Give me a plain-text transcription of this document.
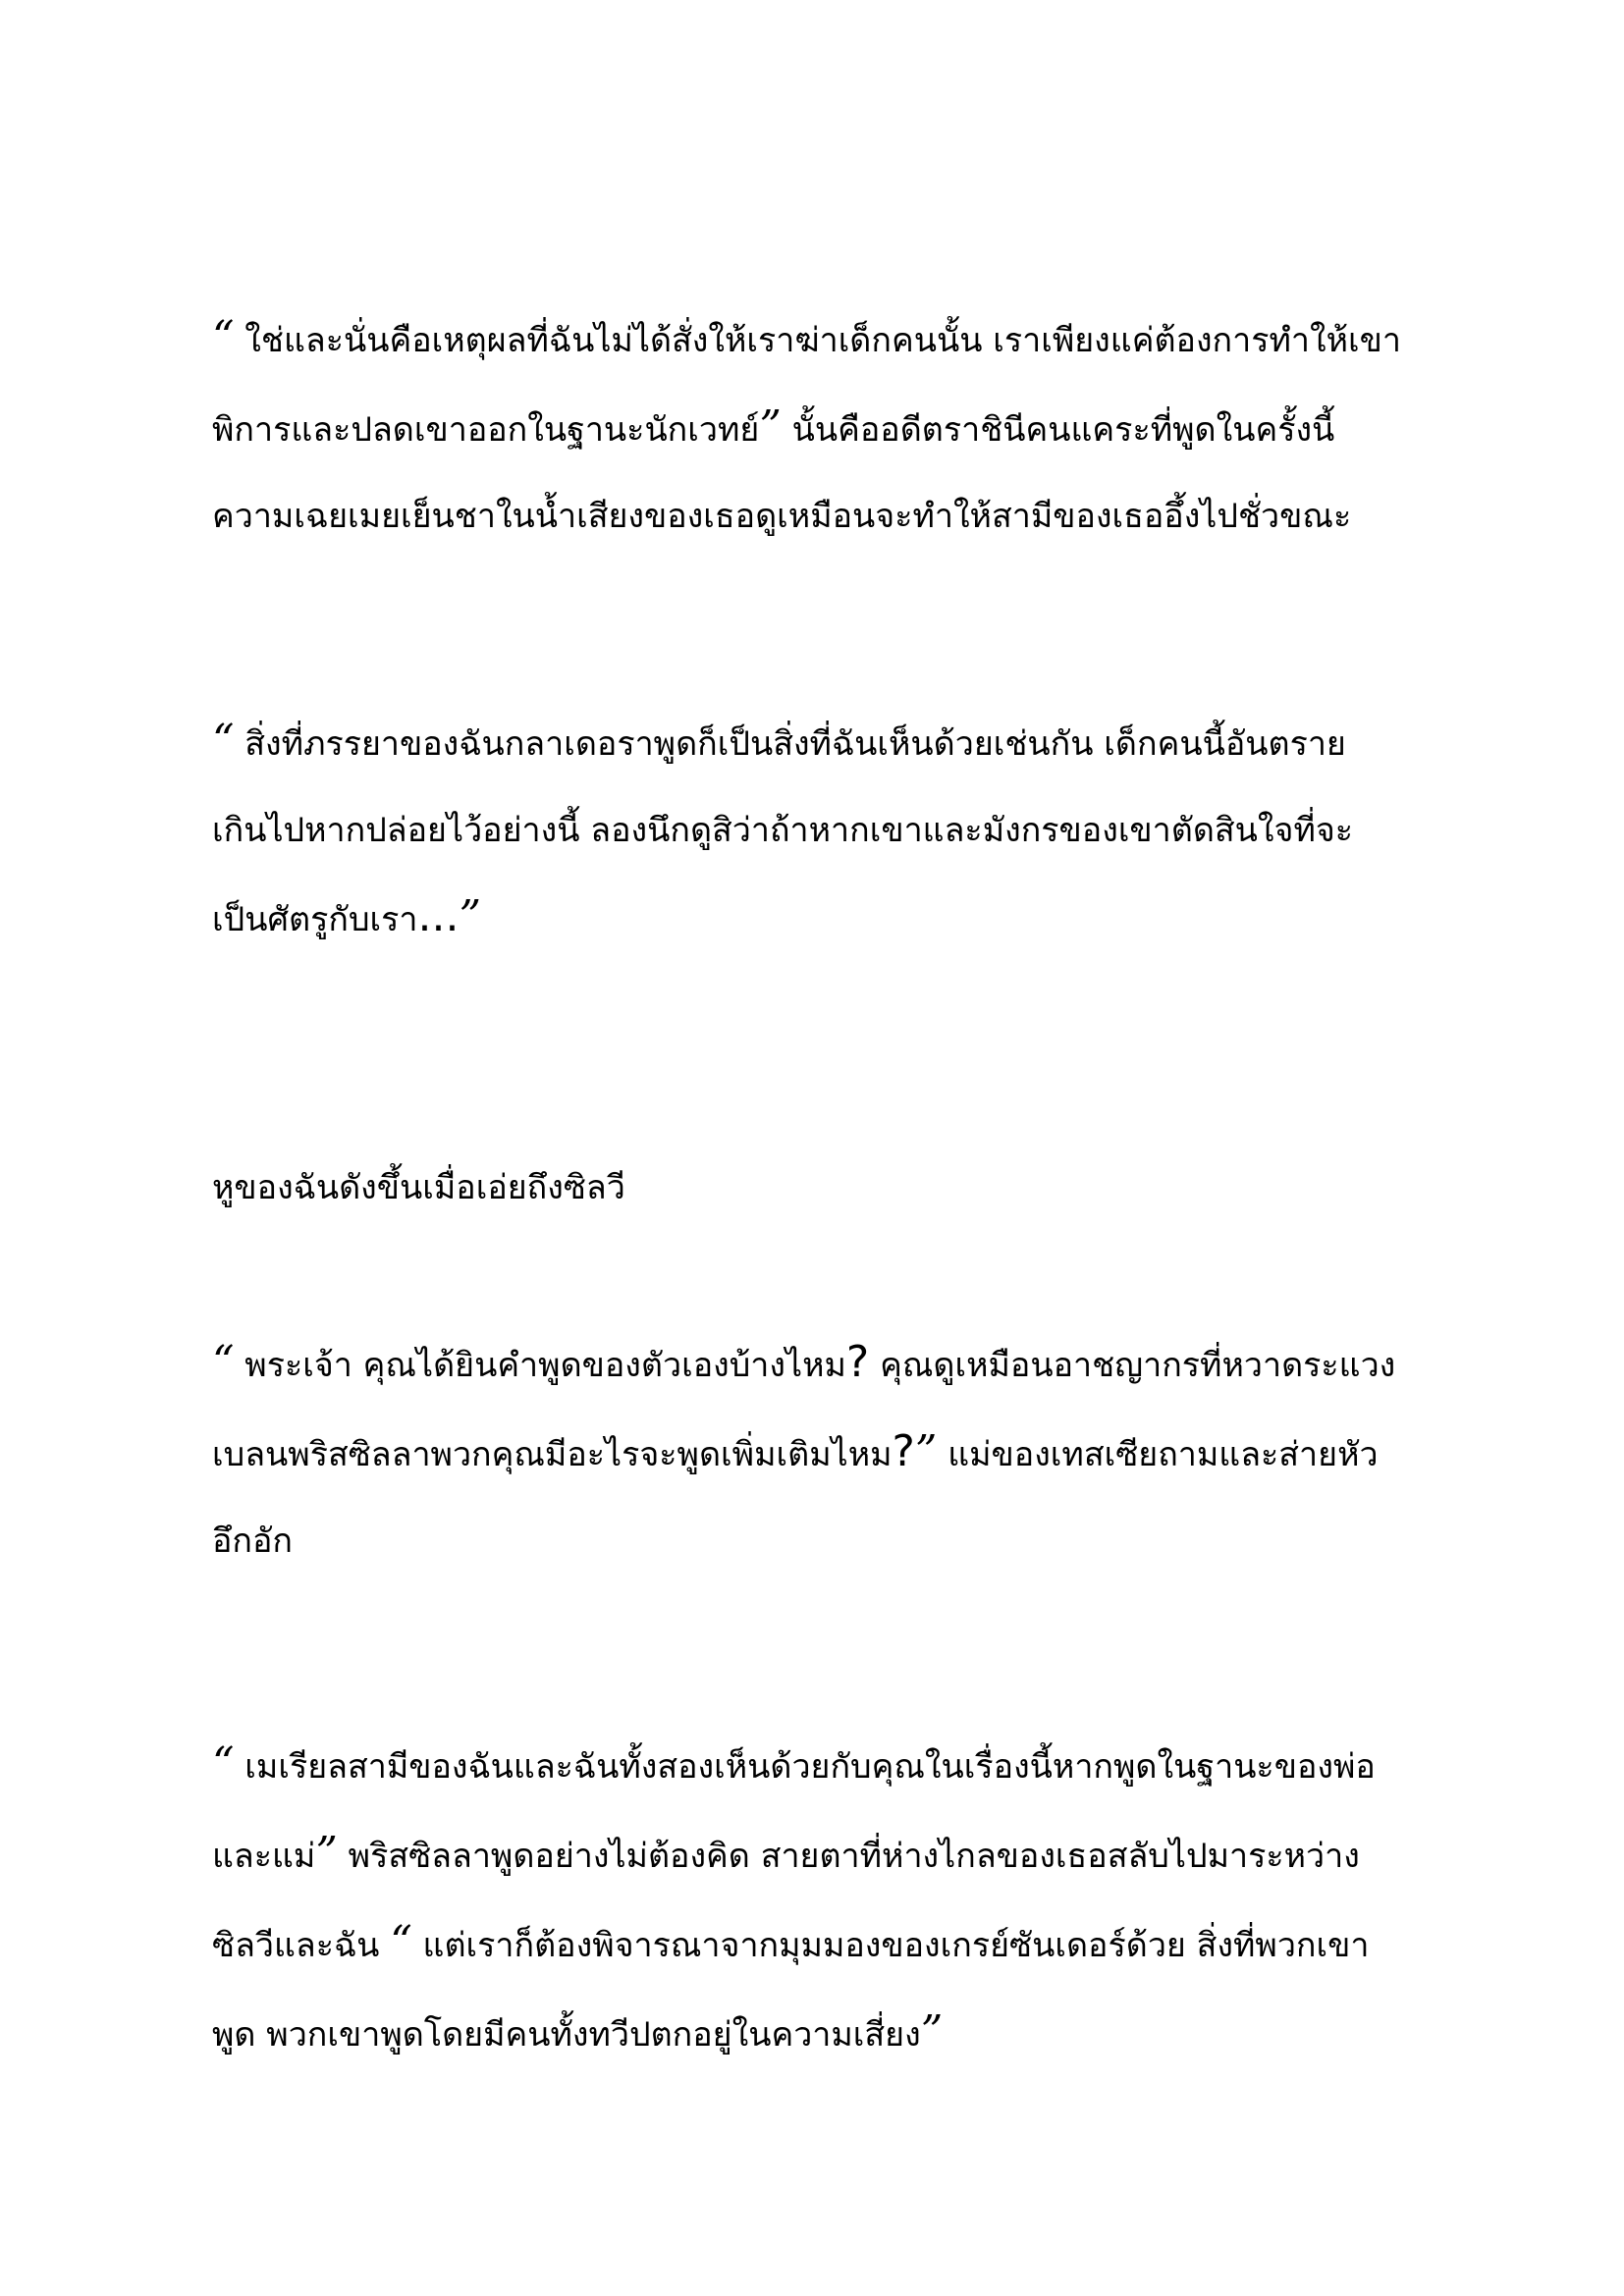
“ ใช่และนั่นคือเหตุผลที่ฉันไม่ได้สั่งให้เราฆ่าเด็กคนนั้น เราเพียงแค่ต้องการทำให้เขา
พิการและปลดเขาออกในฐานะนักเวทย์” นั้นคืออดีตราชินีคนแคระที่พูดในครั้งนี้
ความเฉยเมยเย็นชาในน้ำเสียงของเธอดูเหมือนจะทำให้สามีของเธออึ้งไปชั่วขณะ
“ สิ่งที่ภรรยาของฉันกลาเดอราพูดก็เป็นสิ่งที่ฉันเห็นด้วยเช่นกัน เด็กคนนี้อันตราย
เกินไปหากปล่อยไว้อย่างนี้ ลองนึกดูสิว่าถ้าหากเขาและมังกรของเขาตัดสินใจที่จะ
เป็นศัตรูกับเรา...”
หูของฉันดังขึ้นเมื่อเอ่ยถึงซิลวี
“ พระเจ้า คุณได้ยินคำพูดของตัวเองบ้างไหม? คุณดูเหมือนอาชญากรที่หวาดระแวง
เบลนพริสซิลลาพวกคุณมีอะไรจะพูดเพิ่มเติมไหม?” แม่ของเทสเซียถามและส่ายหัว
อึกอัก
“ เมเรียลสามีของฉันและฉันทั้งสองเห็นด้วยกับคุณในเรื่องนี้หากพูดในฐานะของพ่อ
และแม่” พริสซิลลาพูดอย่างไม่ต้องคิด สายตาที่ห่างไกลของเธอสลับไปมาระหว่าง
ซิลวีและฉัน “ แต่เราก็ต้องพิจารณาจากมุมมองของเกรย์ซันเดอร์ด้วย สิ่งที่พวกเขา
พูด พวกเขาพูดโดยมีคนทั้งทวีปตกอยู่ในความเสี่ยง”
